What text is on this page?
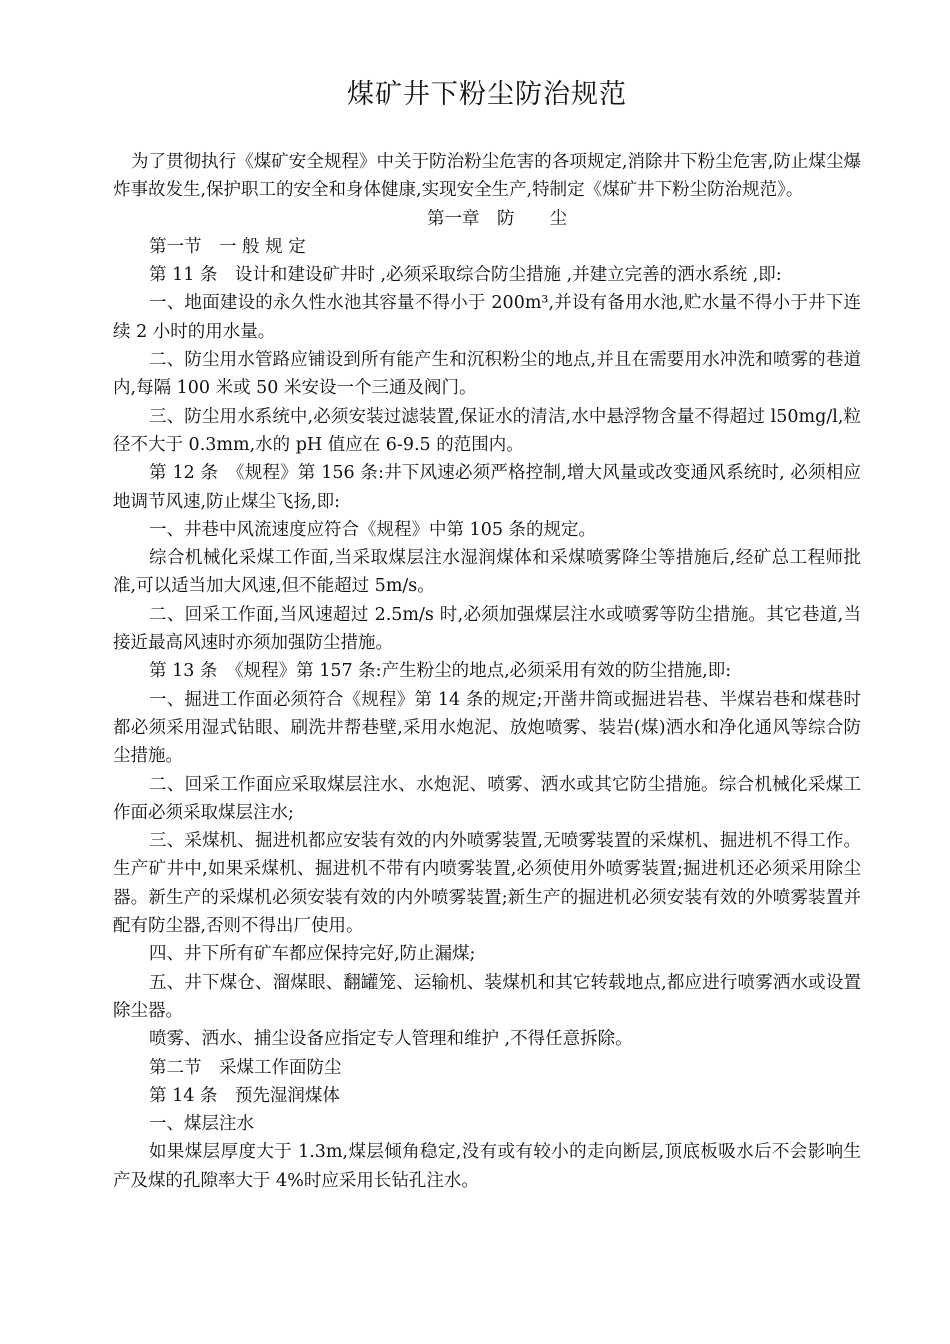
煤矿井下粉尘防治规范

为了贯彻执行《煤矿安全规程》中关于防治粉尘危害的各项规定,消除井下粉尘危害,防止煤尘爆炸事故发生,保护职工的安全和身体健康,实现安全生产,特制定《煤矿井下粉尘防治规范》。

第一章　防　　尘

第一节　一 般 规 定

第 11 条　设计和建设矿井时 ,必须采取综合防尘措施 ,并建立完善的洒水系统 ,即:

一、地面建设的永久性水池其容量不得小于 200m³,并设有备用水池,贮水量不得小于井下连续 2 小时的用水量。

二、防尘用水管路应铺设到所有能产生和沉积粉尘的地点,并且在需要用水冲洗和喷雾的巷道内,每隔 100 米或 50 米安设一个三通及阀门。

三、防尘用水系统中,必须安装过滤装置,保证水的清洁,水中悬浮物含量不得超过 l50mg/l,粒径不大于 0.3mm,水的 pH 值应在 6-9.5 的范围内。

第 12 条　《规程》第 156 条:井下风速必须严格控制,增大风量或改变通风系统时, 必须相应地调节风速,防止煤尘飞扬,即:

一、井巷中风流速度应符合《规程》中第 105 条的规定。

综合机械化采煤工作面,当采取煤层注水湿润煤体和采煤喷雾降尘等措施后,经矿总工程师批准,可以适当加大风速,但不能超过 5m/s。

二、回采工作面,当风速超过 2.5m/s 时,必须加强煤层注水或喷雾等防尘措施。其它巷道,当接近最高风速时亦须加强防尘措施。

第 13 条　《规程》第 157 条:产生粉尘的地点,必须采用有效的防尘措施,即:

一、掘进工作面必须符合《规程》第 14 条的规定;开凿井筒或掘进岩巷、半煤岩巷和煤巷时都必须采用湿式钻眼、刷洗井帮巷壁,采用水炮泥、放炮喷雾、装岩(煤)洒水和净化通风等综合防尘措施。

二、回采工作面应采取煤层注水、水炮泥、喷雾、洒水或其它防尘措施。综合机械化采煤工作面必须采取煤层注水;

三、采煤机、掘进机都应安装有效的内外喷雾装置,无喷雾装置的采煤机、掘进机不得工作。生产矿井中,如果采煤机、掘进机不带有内喷雾装置,必须使用外喷雾装置;掘进机还必须采用除尘器。新生产的采煤机必须安装有效的内外喷雾装置;新生产的掘进机必须安装有效的外喷雾装置并配有防尘器,否则不得出厂使用。

四、井下所有矿车都应保持完好,防止漏煤;

五、井下煤仓、溜煤眼、翻罐笼、运输机、装煤机和其它转载地点,都应进行喷雾洒水或设置除尘器。

喷雾、洒水、捕尘设备应指定专人管理和维护 ,不得任意拆除。

第二节　采煤工作面防尘

第 14 条　预先湿润煤体

一、煤层注水

如果煤层厚度大于 1.3m,煤层倾角稳定,没有或有较小的走向断层,顶底板吸水后不会影响生产及煤的孔隙率大于 4%时应采用长钻孔注水。
